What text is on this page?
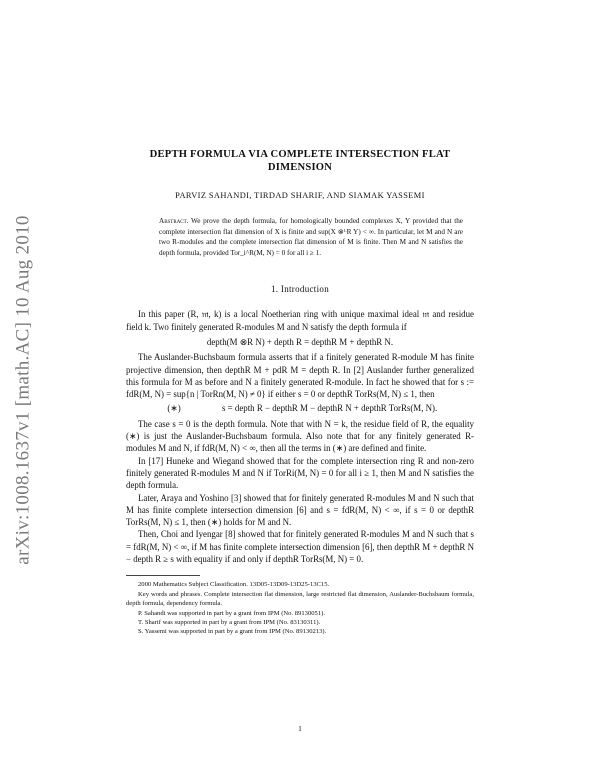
arXiv:1008.1637v1 [math.AC] 10 Aug 2010
DEPTH FORMULA VIA COMPLETE INTERSECTION FLAT
DIMENSION
PARVIZ SAHANDI, TIRDAD SHARIF, AND SIAMAK YASSEMI
Abstract. We prove the depth formula, for homologically bounded complexes X, Y provided that the complete intersection flat dimension of X is finite and sup(X ⊗ᴸR Y) < ∞. In particular, let M and N are two R-modules and the complete intersection flat dimension of M is finite. Then M and N satisfies the depth formula, provided Tor_i^R(M, N) = 0 for all i ≥ 1.
1. Introduction

In this paper (R, 𝔪, k) is a local Noetherian ring with unique maximal ideal 𝔪 and residue field k. Two finitely generated R-modules M and N satisfy the depth formula if

depth(M ⊗R N) + depth R = depthR M + depthR N.

The Auslander-Buchsbaum formula asserts that if a finitely generated R-module M has finite projective dimension, then depthR M + pdR M = depth R. In [2] Auslander further generalized this formula for M as before and N a finitely generated R-module. In fact he showed that for s := fdR(M, N) = sup{n | TorRn(M, N) ≠ 0} if either s = 0 or depthR TorRs(M, N) ≤ 1, then

(∗)	s = depth R − depthR M − depthR N + depthR TorRs(M, N).

The case s = 0 is the depth formula. Note that with N = k, the residue field of R, the equality (∗) is just the Auslander-Buchsbaum formula. Also note that for any finitely generated R-modules M and N, if fdR(M, N) < ∞, then all the terms in (∗) are defined and finite.

In [17] Huneke and Wiegand showed that for the complete intersection ring R and non-zero finitely generated R-modules M and N if TorRi(M, N) = 0 for all i ≥ 1, then M and N satisfies the depth formula.

Later, Araya and Yoshino [3] showed that for finitely generated R-modules M and N such that M has finite complete intersection dimension [6] and s = fdR(M, N) < ∞, if s = 0 or depthR TorRs(M, N) ≤ 1, then (∗) holds for M and N.

Then, Choi and Iyengar [8] showed that for finitely generated R-modules M and N such that s = fdR(M, N) < ∞, if M has finite complete intersection dimension [6], then depthR M + depthR N − depth R ≥ s with equality if and only if depthR TorRs(M, N) = 0.

2000 Mathematics Subject Classification. 13D05-13D09-13D25-13C15.
Key words and phrases. Complete intersection flat dimension, large restricted flat dimension, Auslander-Buchsbaum formula, depth formula, dependency formula.
P. Sahandi was supported in part by a grant from IPM (No. 89130051).
T. Sharif was supported in part by a grant from IPM (No. 83130311).
S. Yassemi was supported in part by a grant from IPM (No. 89130213).
1
